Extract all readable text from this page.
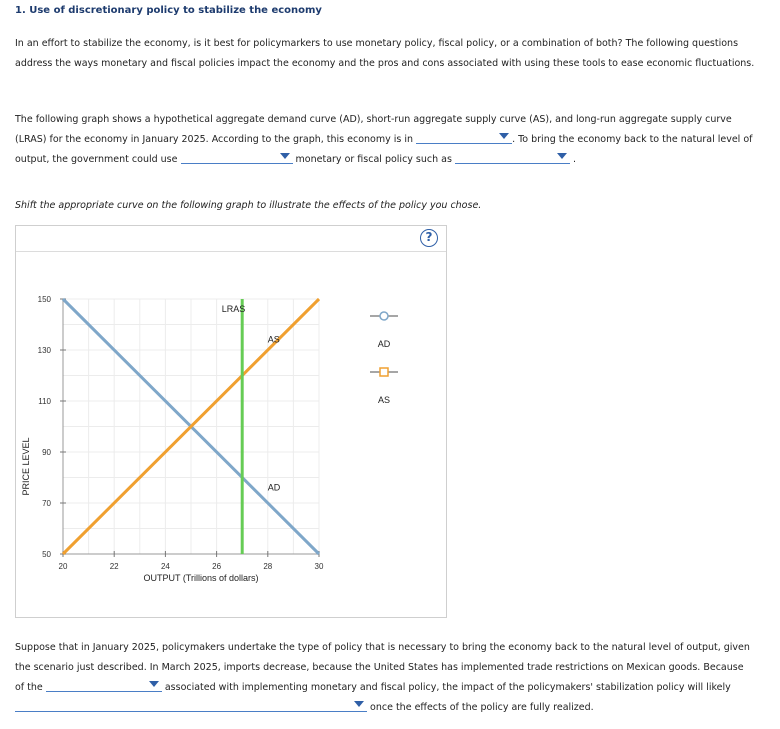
1. Use of discretionary policy to stabilize the economy
In an effort to stabilize the economy, is it best for policymarkers to use monetary policy, fiscal policy, or a combination of both? The following questions address the ways monetary and fiscal policies impact the economy and the pros and cons associated with using these tools to ease economic fluctuations.
The following graph shows a hypothetical aggregate demand curve (AD), short-run aggregate supply curve (AS), and long-run aggregate supply curve (LRAS) for the economy in January 2025. According to the graph, this economy is in	. To bring the economy back to the natural level of output, the government could use	monetary or fiscal policy such as	.
Shift the appropriate curve on the following graph to illustrate the effects of the policy you chose.
?
20	22	24	26	28	30
50
70
90
110
130
150
OUTPUT (Trillions of dollars)
PRICE LEVEL
LRAS
AS
AD
AD
AS
Suppose that in January 2025, policymakers undertake the type of policy that is necessary to bring the economy back to the natural level of output, given the scenario just described. In March 2025, imports decrease, because the United States has implemented trade restrictions on Mexican goods. Because of the	associated with implementing monetary and fiscal policy, the impact of the policymakers' stabilization policy will likely
once the effects of the policy are fully realized.
